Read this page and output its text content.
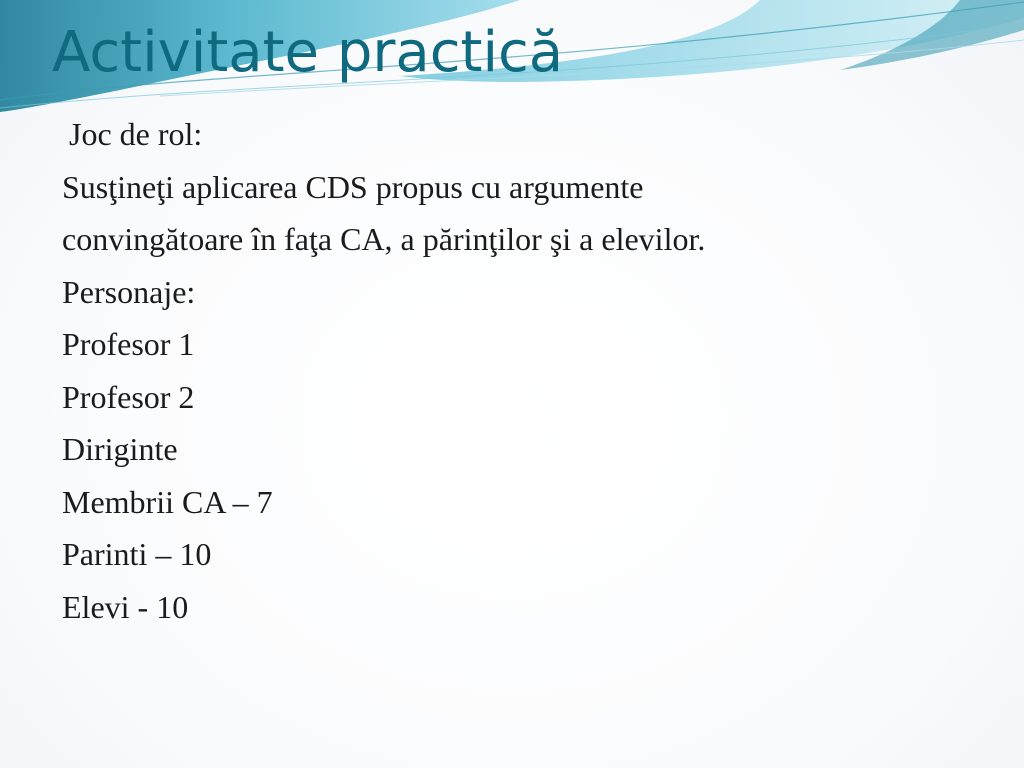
Activitate practică
Joc de rol:
Susţineţi aplicarea CDS propus cu argumente
convingătoare în faţa CA, a părinţilor şi a elevilor.
Personaje:
Profesor 1
Profesor 2
Diriginte
Membrii CA – 7
Parinti – 10
Elevi - 10
